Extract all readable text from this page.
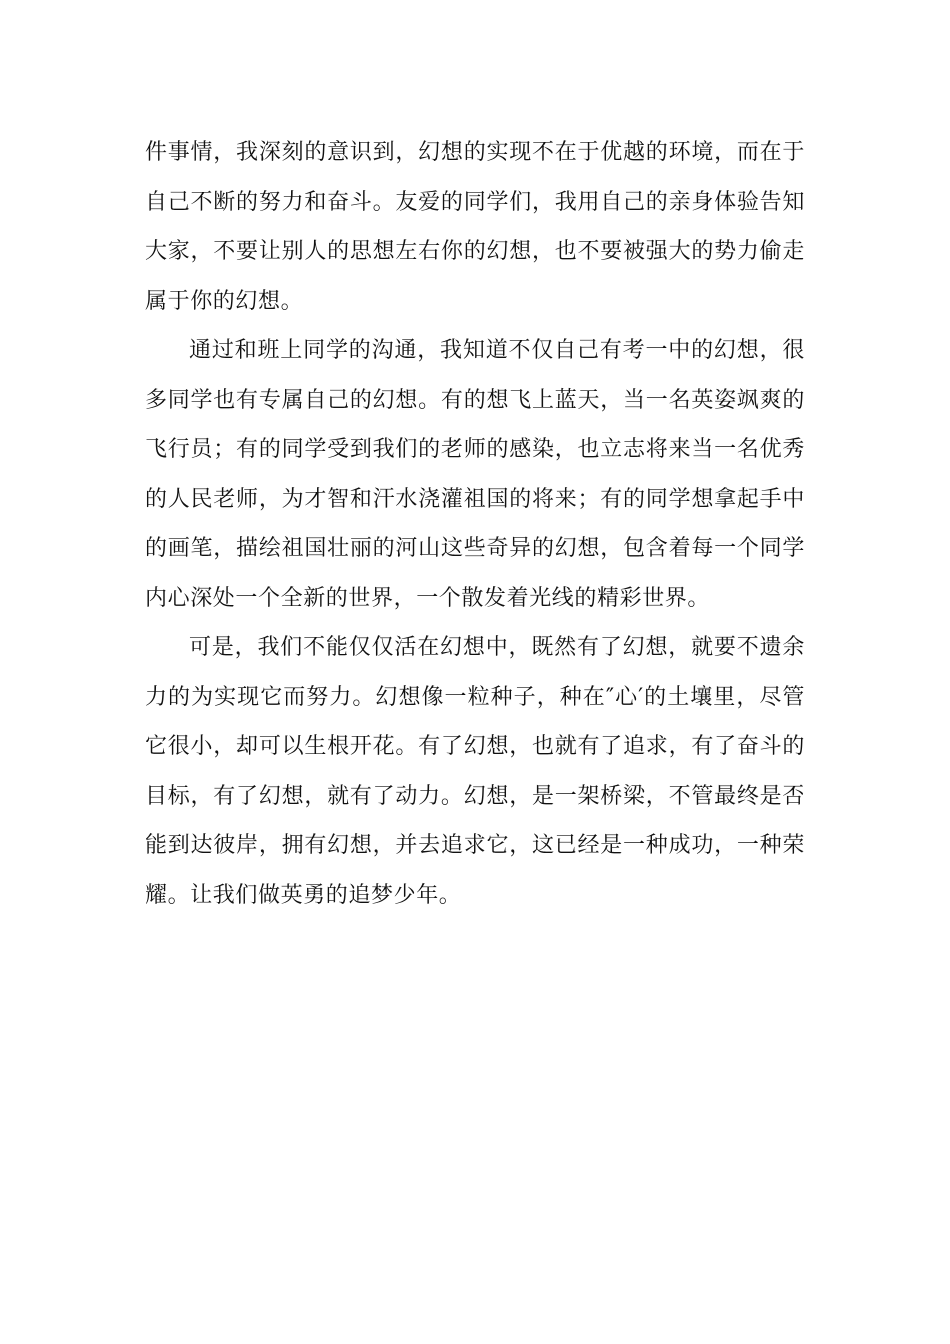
件事情，我深刻的意识到，幻想的实现不在于优越的环境，而在于自己不断的努力和奋斗。友爱的同学们，我用自己的亲身体验告知大家，不要让别人的思想左右你的幻想，也不要被强大的势力偷走属于你的幻想。

通过和班上同学的沟通，我知道不仅自己有考一中的幻想，很多同学也有专属自己的幻想。有的想飞上蓝天，当一名英姿飒爽的飞行员；有的同学受到我们的老师的感染，也立志将来当一名优秀的人民老师，为才智和汗水浇灌祖国的将来；有的同学想拿起手中的画笔，描绘祖国壮丽的河山这些奇异的幻想，包含着每一个同学内心深处一个全新的世界，一个散发着光线的精彩世界。

可是，我们不能仅仅活在幻想中，既然有了幻想，就要不遗余力的为实现它而努力。幻想像一粒种子，种在″心′的土壤里，尽管它很小，却可以生根开花。有了幻想，也就有了追求，有了奋斗的目标，有了幻想，就有了动力。幻想，是一架桥梁，不管最终是否能到达彼岸，拥有幻想，并去追求它，这已经是一种成功，一种荣耀。让我们做英勇的追梦少年。
